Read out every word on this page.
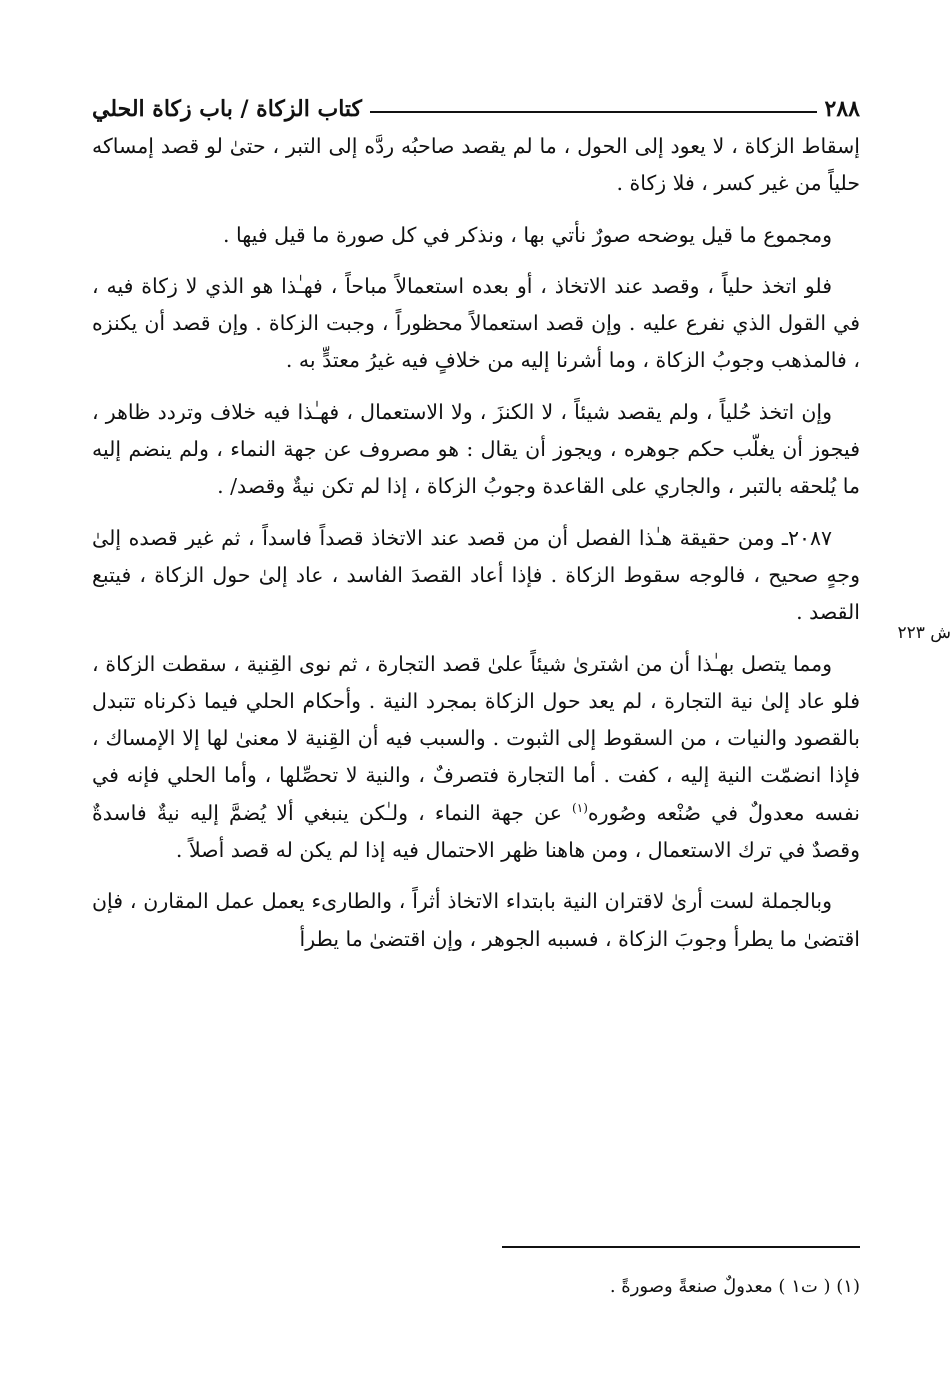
٢٨٨
كتاب الزكاة / باب زكاة الحلي
ش ٢٢٣

إسقاط الزكاة ، لا يعود إلى الحول ، ما لم يقصد صاحبُه ردَّه إلى التبر ، حتىٰ لو قصد إمساكه حلياً من غير كسر ، فلا زكاة .

ومجموع ما قيل يوضحه صورٌ نأتي بها ، ونذكر في كل صورة ما قيل فيها .

فلو اتخذ حلياً ، وقصد عند الاتخاذ ، أو بعده استعمالاً مباحاً ، فهـٰذا هو الذي لا زكاة فيه ، في القول الذي نفرع عليه . وإن قصد استعمالاً محظوراً ، وجبت الزكاة . وإن قصد أن يكنزه ، فالمذهب وجوبُ الزكاة ، وما أشرنا إليه من خلافٍ فيه غيرُ معتدٍّ به .

وإن اتخذ حُلياً ، ولم يقصد شيئاً ، لا الكنزَ ، ولا الاستعمال ، فهـٰذا فيه خلاف وتردد ظاهر ، فيجوز أن يغلّب حكم جوهره ، ويجوز أن يقال : هو مصروف عن جهة النماء ، ولم ينضم إليه ما يُلحقه بالتبر ، والجاري على القاعدة وجوبُ الزكاة ، إذا لم تكن نيةٌ وقصد/ .

٢٠٨٧ـ ومن حقيقة هـٰذا الفصل أن من قصد عند الاتخاذ قصداً فاسداً ، ثم غير قصده إلىٰ وجهٍ صحيح ، فالوجه سقوط الزكاة . فإذا أعاد القصدَ الفاسد ، عاد إلىٰ حول الزكاة ، فيتبع القصد .

ومما يتصل بهـٰذا أن من اشترىٰ شيئاً علىٰ قصد التجارة ، ثم نوى القِنية ، سقطت الزكاة ، فلو عاد إلىٰ نية التجارة ، لم يعد حول الزكاة بمجرد النية . وأحكام الحلي فيما ذكرناه تتبدل بالقصود والنيات ، من السقوط إلى الثبوت . والسبب فيه أن القِنية لا معنىٰ لها إلا الإمساك ، فإذا انضمّت النية إليه ، كفت . أما التجارة فتصرفٌ ، والنية لا تحصِّلها ، وأما الحلي فإنه في نفسه معدولٌ في صُنْعه وصُوره$^{(١)}$ عن جهة النماء ، ولـٰكن ينبغي ألا يُضمَّ إليه نيةٌ فاسدةٌ وقصدٌ في ترك الاستعمال ، ومن هاهنا ظهر الاحتمال فيه إذا لم يكن له قصد أصلاً .

وبالجملة لست أرىٰ لاقتران النية بابتداء الاتخاذ أثراً ، والطارىء يعمل عمل المقارن ، فإن اقتضىٰ ما يطرأ وجوبَ الزكاة ، فسببه الجوهر ، وإن اقتضىٰ ما يطرأ

(١) ( ت١ ) معدولٌ صنعةً وصورةً .
